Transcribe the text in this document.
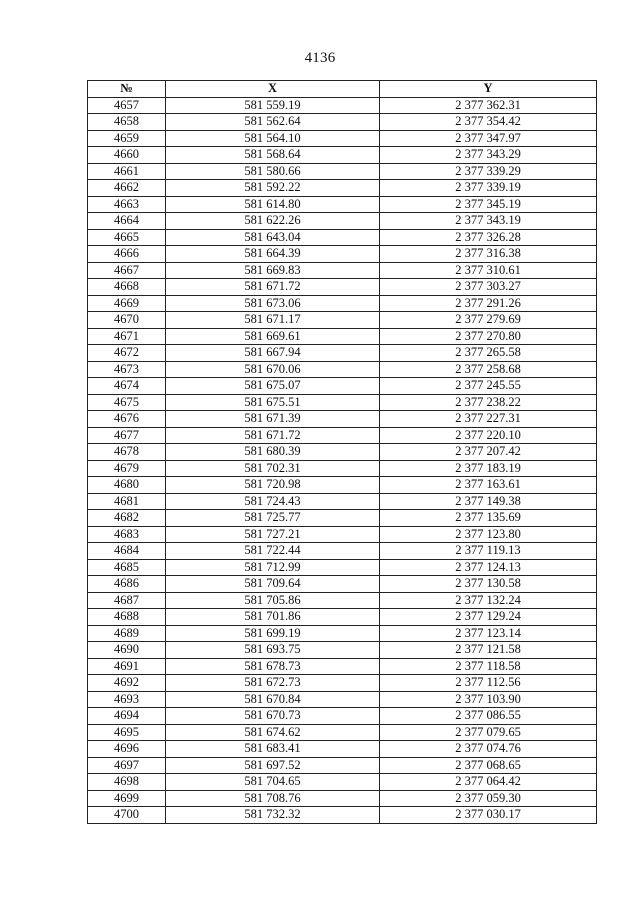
4136
№	X	Y
4657	581 559.19	2 377 362.31
4658	581 562.64	2 377 354.42
4659	581 564.10	2 377 347.97
4660	581 568.64	2 377 343.29
4661	581 580.66	2 377 339.29
4662	581 592.22	2 377 339.19
4663	581 614.80	2 377 345.19
4664	581 622.26	2 377 343.19
4665	581 643.04	2 377 326.28
4666	581 664.39	2 377 316.38
4667	581 669.83	2 377 310.61
4668	581 671.72	2 377 303.27
4669	581 673.06	2 377 291.26
4670	581 671.17	2 377 279.69
4671	581 669.61	2 377 270.80
4672	581 667.94	2 377 265.58
4673	581 670.06	2 377 258.68
4674	581 675.07	2 377 245.55
4675	581 675.51	2 377 238.22
4676	581 671.39	2 377 227.31
4677	581 671.72	2 377 220.10
4678	581 680.39	2 377 207.42
4679	581 702.31	2 377 183.19
4680	581 720.98	2 377 163.61
4681	581 724.43	2 377 149.38
4682	581 725.77	2 377 135.69
4683	581 727.21	2 377 123.80
4684	581 722.44	2 377 119.13
4685	581 712.99	2 377 124.13
4686	581 709.64	2 377 130.58
4687	581 705.86	2 377 132.24
4688	581 701.86	2 377 129.24
4689	581 699.19	2 377 123.14
4690	581 693.75	2 377 121.58
4691	581 678.73	2 377 118.58
4692	581 672.73	2 377 112.56
4693	581 670.84	2 377 103.90
4694	581 670.73	2 377 086.55
4695	581 674.62	2 377 079.65
4696	581 683.41	2 377 074.76
4697	581 697.52	2 377 068.65
4698	581 704.65	2 377 064.42
4699	581 708.76	2 377 059.30
4700	581 732.32	2 377 030.17
